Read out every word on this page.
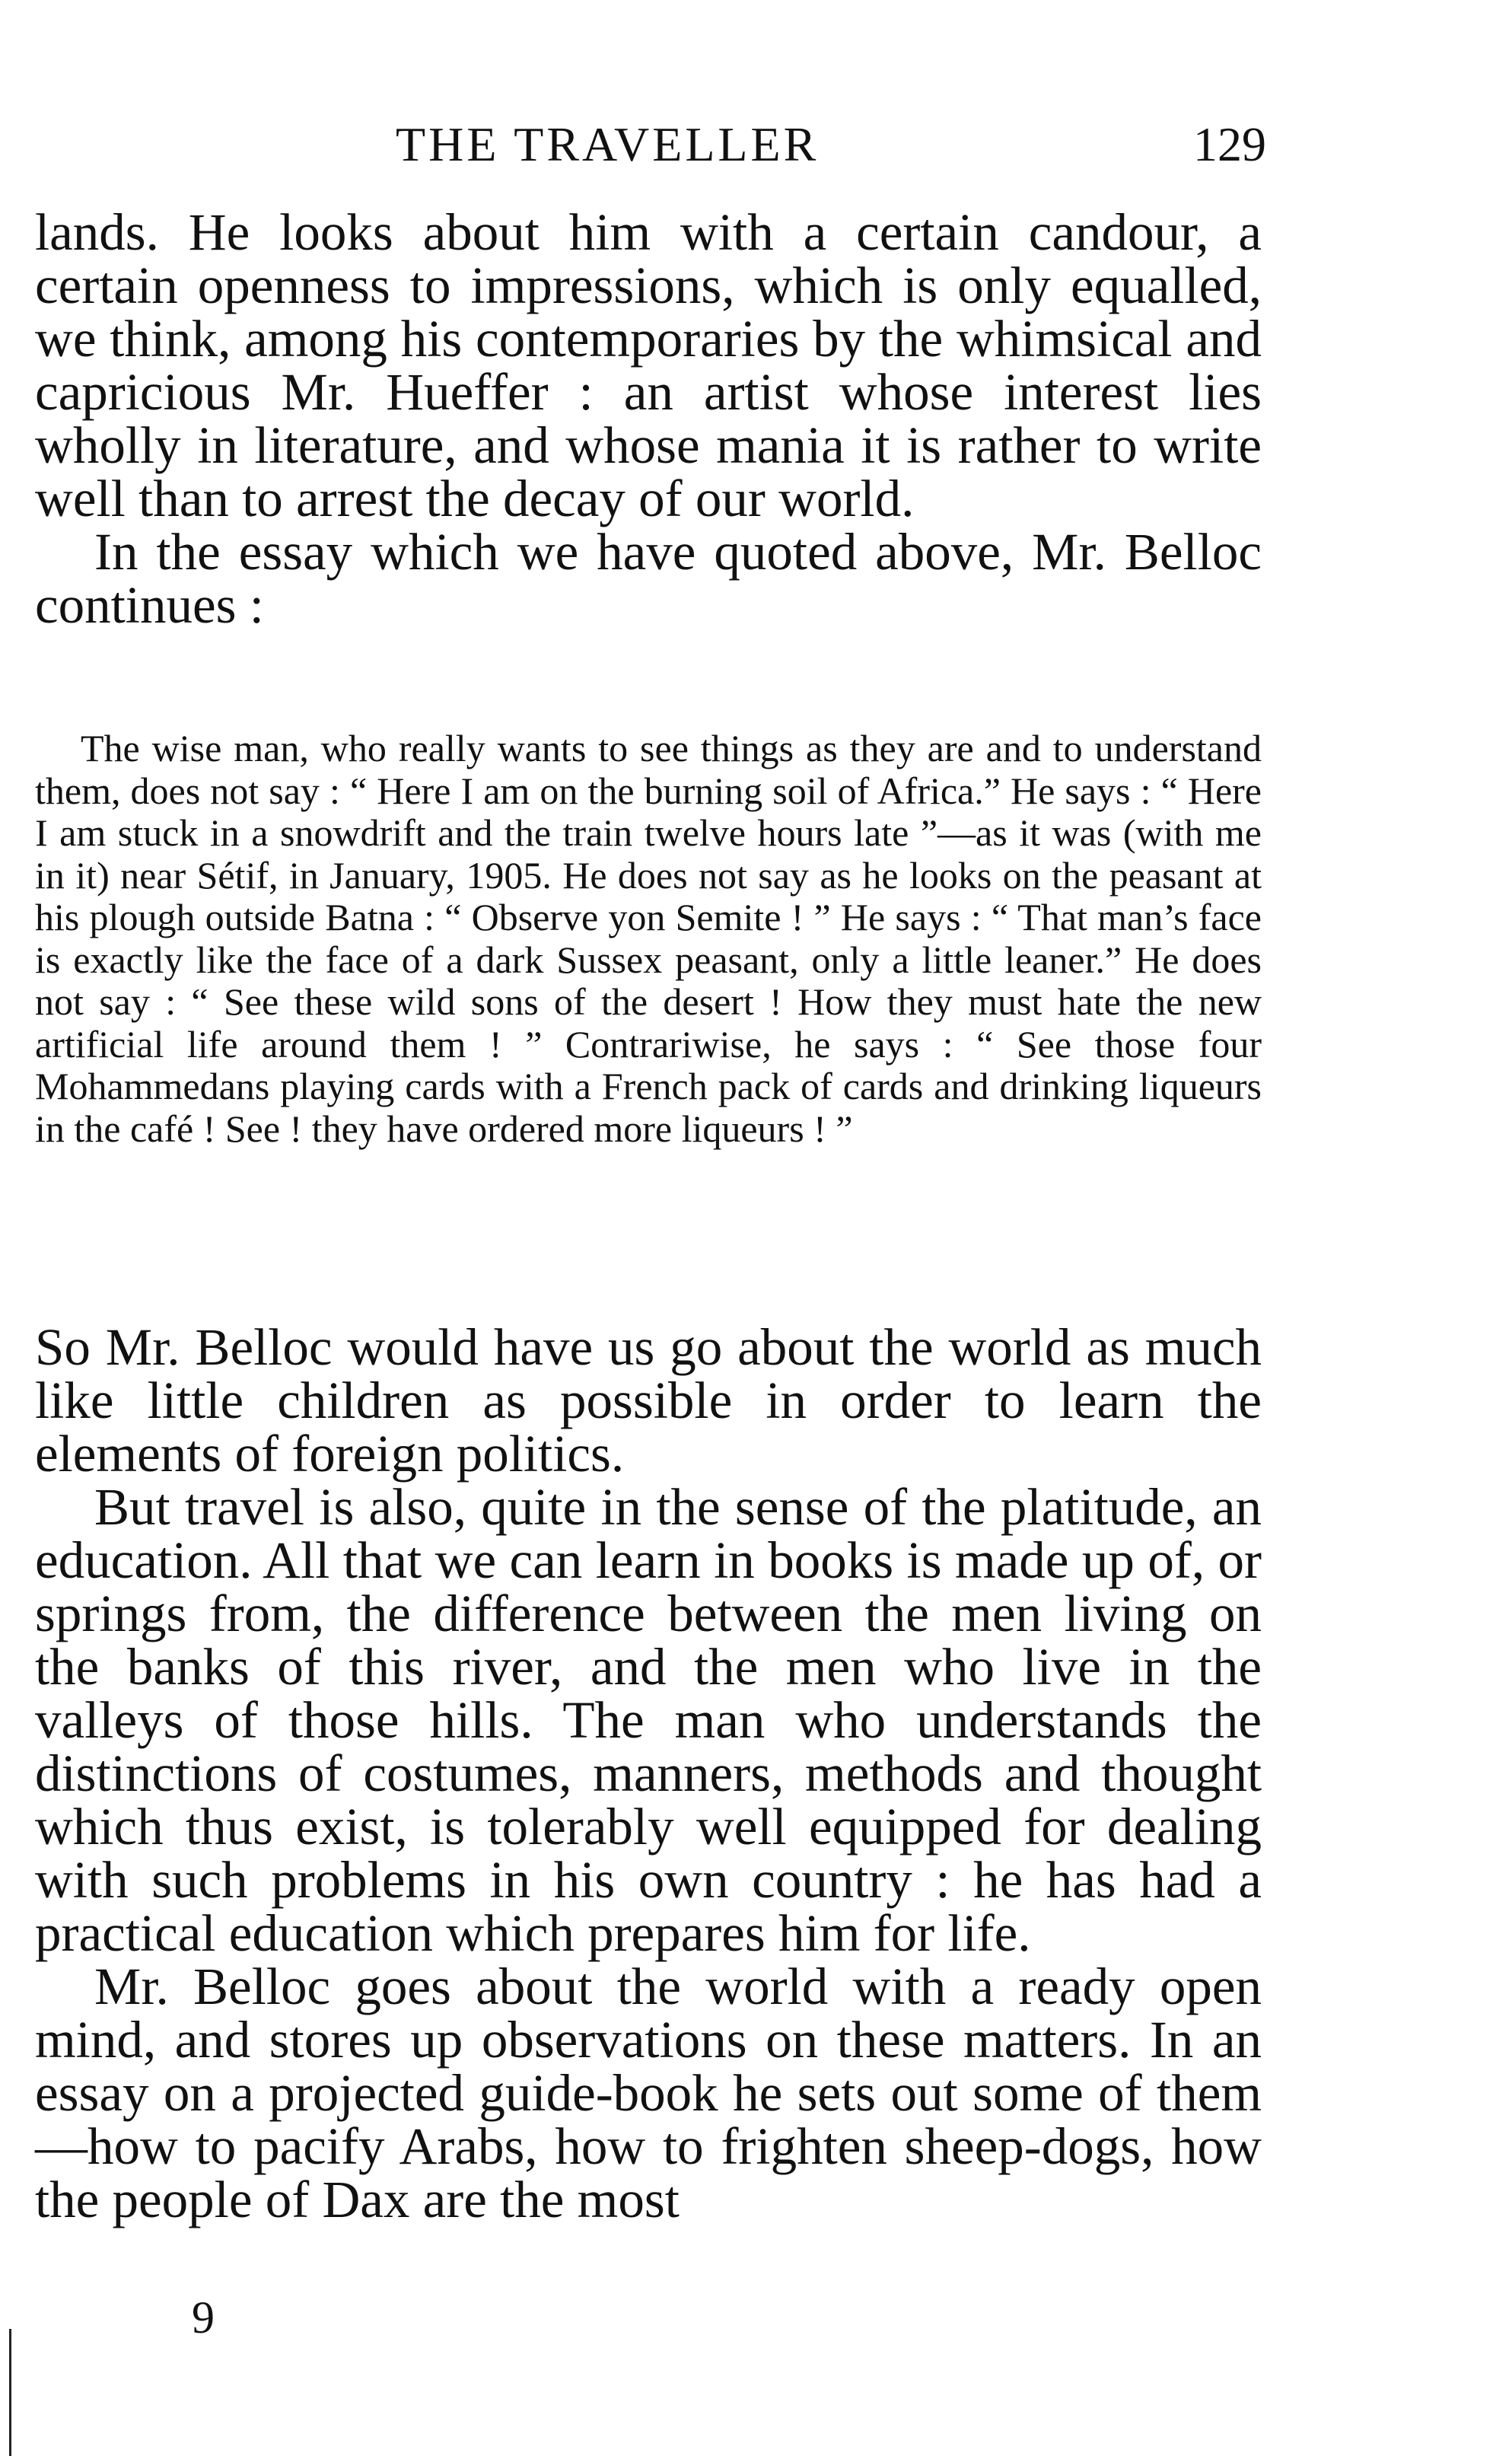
THE TRAVELLER	129

lands. He looks about him with a certain candour, a certain openness to impressions, which is only equalled, we think, among his contemporaries by the whimsical and capricious Mr. Hueffer : an artist whose interest lies wholly in literature, and whose mania it is rather to write well than to arrest the decay of our world.

In the essay which we have quoted above, Mr. Belloc continues :

The wise man, who really wants to see things as they are and to understand them, does not say : “ Here I am on the burning soil of Africa.” He says : “ Here I am stuck in a snowdrift and the train twelve hours late ”—as it was (with me in it) near Sétif, in January, 1905. He does not say as he looks on the peasant at his plough outside Batna : “ Observe yon Semite ! ” He says : “ That man’s face is exactly like the face of a dark Sussex peasant, only a little leaner.” He does not say : “ See these wild sons of the desert ! How they must hate the new artificial life around them ! ” Contrariwise, he says : “ See those four Mohammedans playing cards with a French pack of cards and drinking liqueurs in the café ! See ! they have ordered more liqueurs ! ”

So Mr. Belloc would have us go about the world as much like little children as possible in order to learn the elements of foreign politics.

But travel is also, quite in the sense of the platitude, an education. All that we can learn in books is made up of, or springs from, the difference between the men living on the banks of this river, and the men who live in the valleys of those hills. The man who understands the distinctions of costumes, manners, methods and thought which thus exist, is tolerably well equipped for dealing with such problems in his own country : he has had a practical education which prepares him for life.

Mr. Belloc goes about the world with a ready open mind, and stores up observations on these matters. In an essay on a projected guide-book he sets out some of them—how to pacify Arabs, how to frighten sheep-dogs, how the people of Dax are the most

9
